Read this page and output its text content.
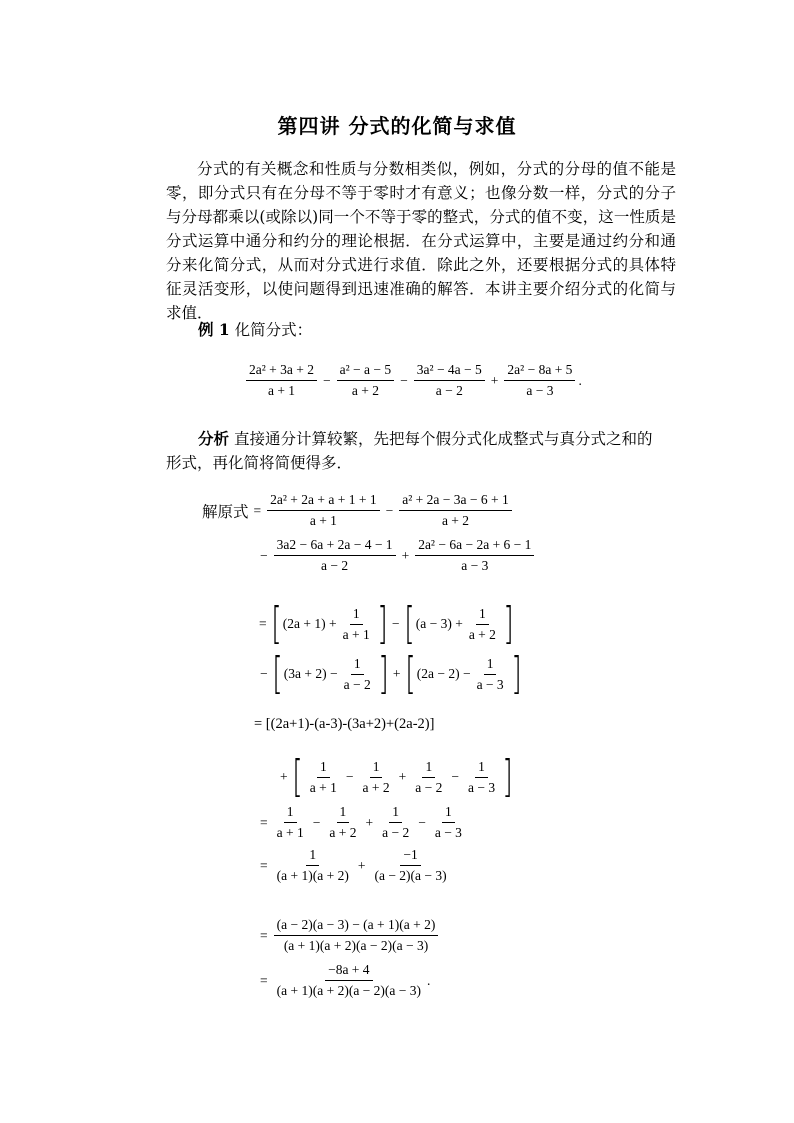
第四讲 分式的化简与求值

分式的有关概念和性质与分数相类似，例如，分式的分母的值不能是零，即分式只有在分母不等于零时才有意义；也像分数一样，分式的分子与分母都乘以(或除以)同一个不等于零的整式，分式的值不变，这一性质是分式运算中通分和约分的理论根据．在分式运算中，主要是通过约分和通分来化简分式，从而对分式进行求值．除此之外，还要根据分式的具体特征灵活变形，以使问题得到迅速准确的解答．本讲主要介绍分式的化简与求值．

例 1 化简分式：
$\frac{\text{2a² + 3a + 2}}{a + 1} - \frac{\text{a² − a − 5}}{a + 2} - \frac{\text{3a² − 4a − 5}}{a - 2} + \frac{\text{2a² − 8a + 5}}{a - 3}$ .
分析 直接通分计算较繁，先把每个假分式化成整式与真分式之和的
形式，再化简将简便得多．
解原式 = $\frac{\text{2a² + 2a + a + 1 + 1}}{a + 1} - \frac{\text{a² + 2a − 3a − 6 + 1}}{a + 2}$
− $\frac{3a2 - 6a + 2a - 4 - 1}{a - 2} + \frac{\text{2a² − 6a − 2a + 6 − 1}}{a - 3}$
= [ $(2a + 1) + \frac{1}{a + 1}$ ] − [ $(a - 3) + \frac{1}{a + 2}$ ]
− [ $(3a + 2) - \frac{1}{a - 2}$ ] + [ $(2a - 2) - \frac{1}{a - 3}$ ]
= [(2a+1)-(a-3)-(3a+2)+(2a-2)]
+ [ $\frac{1}{a + 1} - \frac{1}{a + 2} + \frac{1}{a - 2} - \frac{1}{a - 3}$ ]
= $\frac{1}{a + 1} - \frac{1}{a + 2} + \frac{1}{a - 2} - \frac{1}{a - 3}$
= $\frac{1}{(a + 1)(a + 2)} + \frac{-1}{(a - 2)(a - 3)}$
= $\frac{(a - 2)(a - 3) - (a + 1)(a + 2)}{(a + 1)(a + 2)(a - 2)(a - 3)}$
= $\frac{-8a + 4}{(a + 1)(a + 2)(a - 2)(a - 3)}$ .
